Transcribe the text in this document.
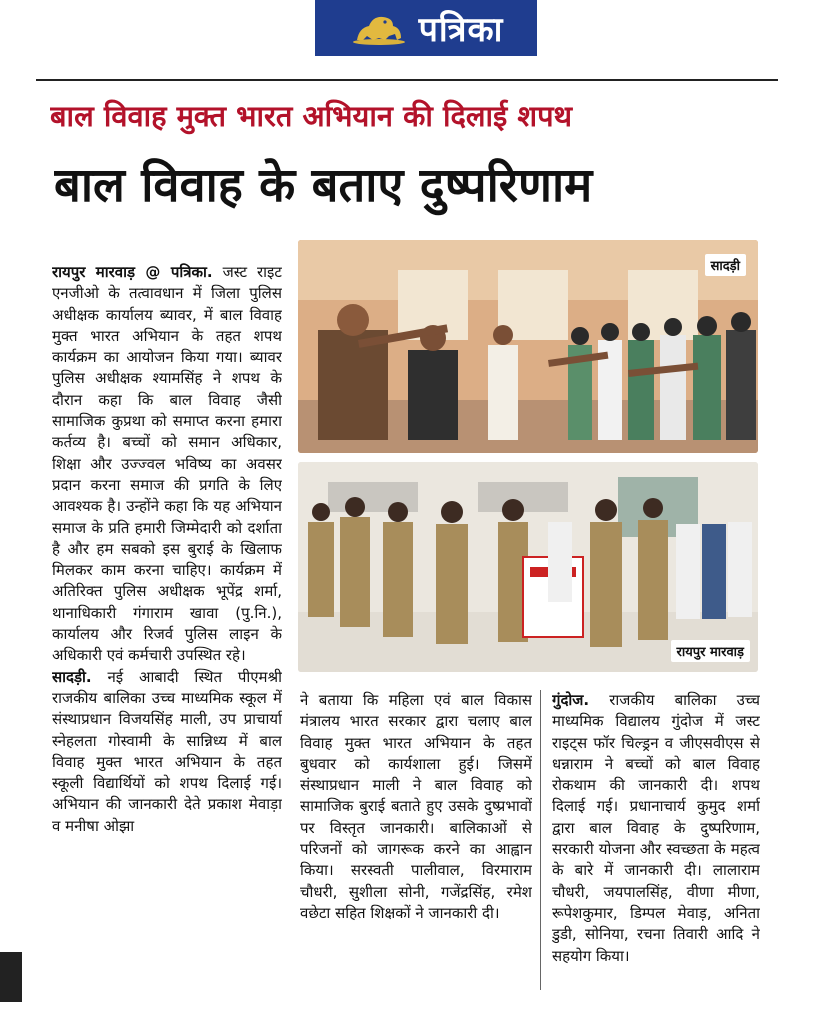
पत्रिका
बाल विवाह मुक्त भारत अभियान की दिलाई शपथ
बाल विवाह के बताए दुष्परिणाम

रायपुर मारवाड़ @ पत्रिका. जस्ट राइट एनजीओ के तत्वावधान में जिला पुलिस अधीक्षक कार्यालय ब्यावर, में बाल विवाह मुक्त भारत अभियान के तहत शपथ कार्यक्रम का आयोजन किया गया। ब्यावर पुलिस अधीक्षक श्यामसिंह ने शपथ के दौरान कहा कि बाल विवाह जैसी सामाजिक कुप्रथा को समाप्त करना हमारा कर्तव्य है। बच्चों को समान अधिकार, शिक्षा और उज्ज्वल भविष्य का अवसर प्रदान करना समाज की प्रगति के लिए आवश्यक है। उन्होंने कहा कि यह अभियान समाज के प्रति हमारी जिम्मेदारी को दर्शाता है और हम सबको इस बुराई के खिलाफ मिलकर काम करना चाहिए। कार्यक्रम में अतिरिक्त पुलिस अधीक्षक भूपेंद्र शर्मा, थानाधिकारी गंगाराम खावा (पु.नि.), कार्यालय और रिजर्व पुलिस लाइन के अधिकारी एवं कर्मचारी उपस्थित रहे।

सादड़ी. नई आबादी स्थित पीएमश्री राजकीय बालिका उच्च माध्यमिक स्कूल में संस्थाप्रधान विजयसिंह माली, उप प्राचार्या स्नेहलता गोस्वामी के सान्निध्य में बाल विवाह मुक्त भारत अभियान के तहत स्कूली विद्यार्थियों को शपथ दिलाई गई। अभियान की जानकारी देते प्रकाश मेवाड़ा व मनीषा ओझा

सादड़ी
रायपुर मारवाड़

ने बताया कि महिला एवं बाल विकास मंत्रालय भारत सरकार द्वारा चलाए बाल विवाह मुक्त भारत अभियान के तहत बुधवार को कार्यशाला हुई। जिसमें संस्थाप्रधान माली ने बाल विवाह को सामाजिक बुराई बताते हुए उसके दुष्प्रभावों पर विस्तृत जानकारी। बालिकाओं से परिजनों को जागरूक करने का आह्वान किया। सरस्वती पालीवाल, विरमाराम चौधरी, सुशीला सोनी, गजेंद्रसिंह, रमेश वछेटा सहित शिक्षकों ने जानकारी दी।

गुंदोज. राजकीय बालिका उच्च माध्यमिक विद्यालय गुंदोज में जस्ट राइट्स फॉर चिल्ड्रन व जीएसवीएस से धन्नाराम ने बच्चों को बाल विवाह रोकथाम की जानकारी दी। शपथ दिलाई गई। प्रधानाचार्य कुमुद शर्मा द्वारा बाल विवाह के दुष्परिणाम, सरकारी योजना और स्वच्छता के महत्व के बारे में जानकारी दी। लालाराम चौधरी, जयपालसिंह, वीणा मीणा, रूपेशकुमार, डिम्पल मेवाड़, अनिता डुडी, सोनिया, रचना तिवारी आदि ने सहयोग किया।
